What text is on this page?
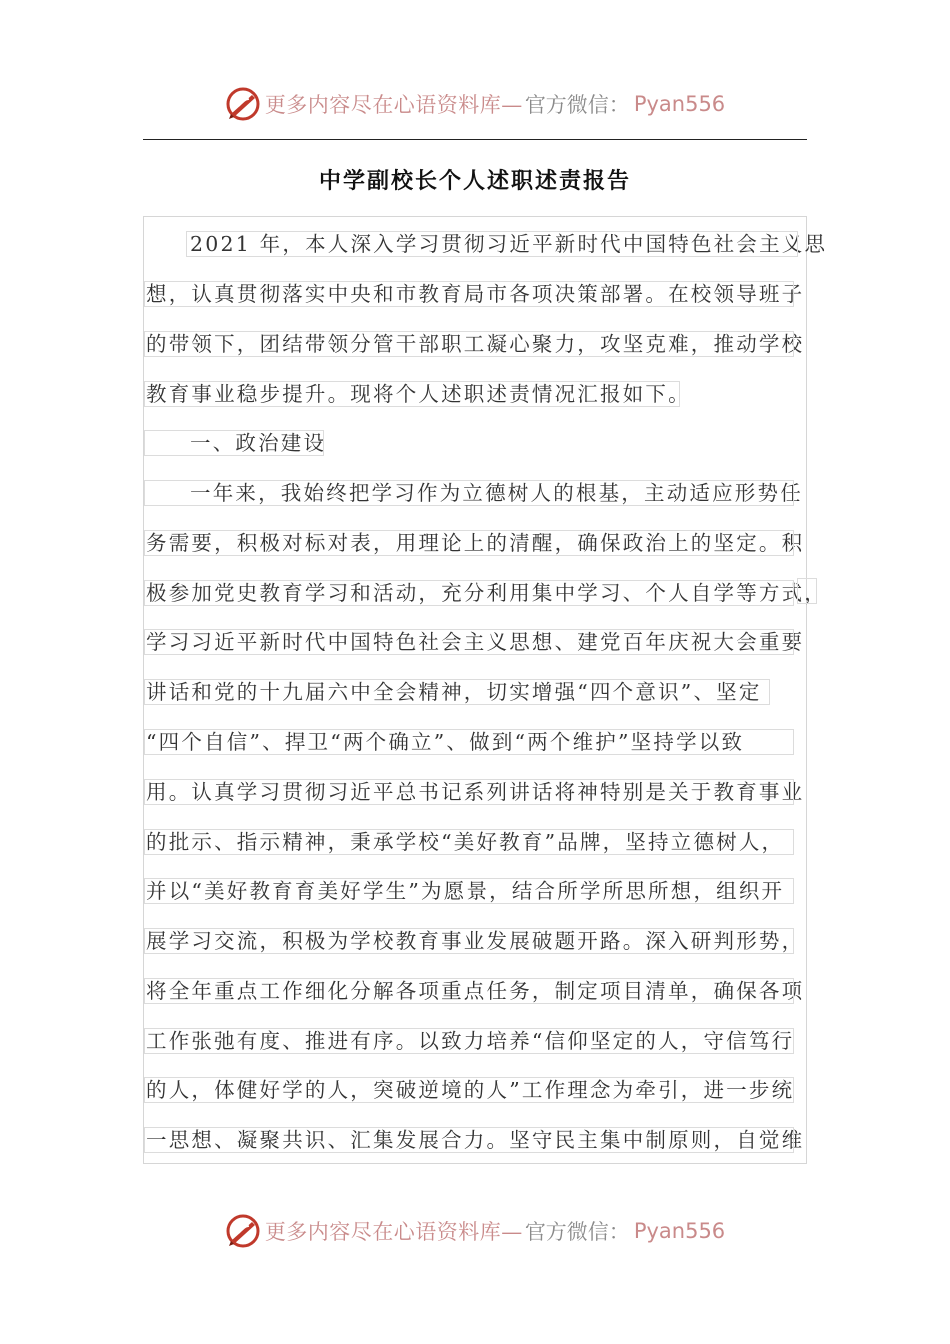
更多内容尽在心语资料库— 官方微信： Pyan556
中学副校长个人述职述责报告
2021 年，本人深入学习贯彻习近平新时代中国特色社会主义思
想，认真贯彻落实中央和市教育局市各项决策部署。在校领导班子
的带领下，团结带领分管干部职工凝心聚力，攻坚克难，推动学校
教育事业稳步提升。现将个人述职述责情况汇报如下。
一、政治建设
一年来，我始终把学习作为立德树人的根基，主动适应形势任
务需要，积极对标对表，用理论上的清醒，确保政治上的坚定。积
极参加党史教育学习和活动，充分利用集中学习、个人自学等方式，
学习习近平新时代中国特色社会主义思想、建党百年庆祝大会重要
讲话和党的十九届六中全会精神，切实增强“四个意识”、坚定
“四个自信”、捍卫“两个确立”、做到“两个维护”坚持学以致
用。认真学习贯彻习近平总书记系列讲话将神特别是关于教育事业
的批示、指示精神，秉承学校“美好教育”品牌，坚持立德树人，
并以“美好教育育美好学生”为愿景，结合所学所思所想，组织开
展学习交流，积极为学校教育事业发展破题开路。深入研判形势，
将全年重点工作细化分解各项重点任务，制定项目清单，确保各项
工作张弛有度、推进有序。以致力培养“信仰坚定的人，守信笃行
的人，体健好学的人，突破逆境的人”工作理念为牵引，进一步统
一思想、凝聚共识、汇集发展合力。坚守民主集中制原则，自觉维
更多内容尽在心语资料库— 官方微信： Pyan556
